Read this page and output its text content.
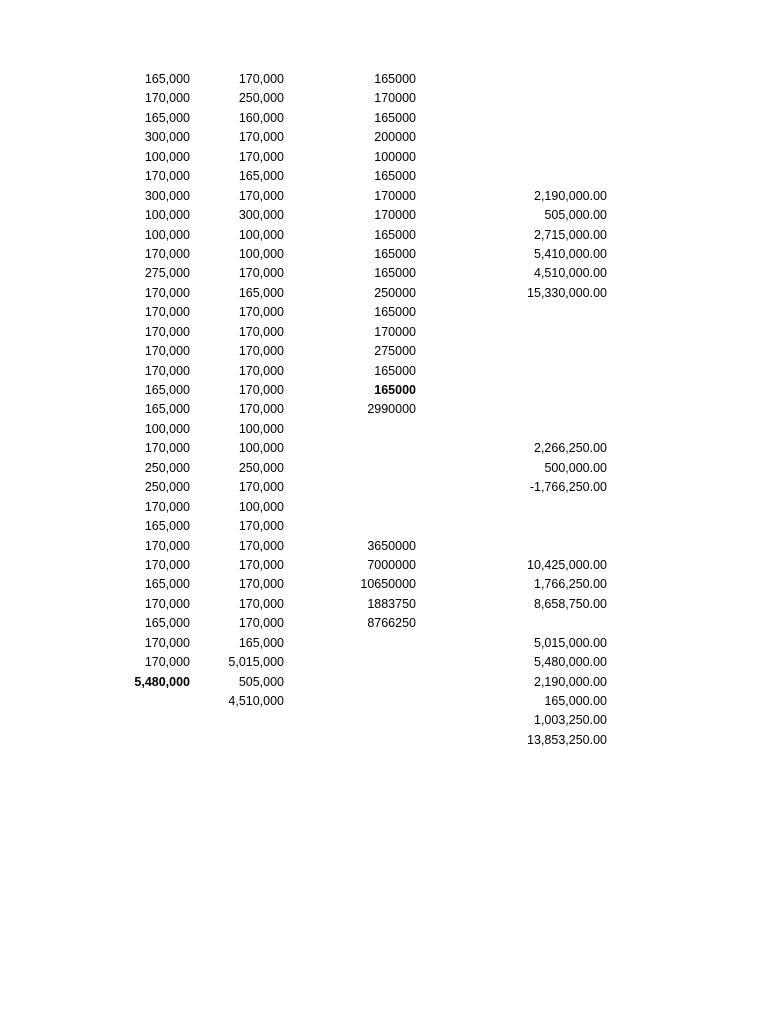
165,000
170,000
165,000
300,000
100,000
170,000
300,000
100,000
100,000
170,000
275,000
170,000
170,000
170,000
170,000
170,000
165,000
165,000
100,000
170,000
250,000
250,000
170,000
165,000
170,000
170,000
165,000
170,000
165,000
170,000
170,000
5,480,000
170,000
250,000
160,000
170,000
170,000
165,000
170,000
300,000
100,000
100,000
170,000
165,000
170,000
170,000
170,000
170,000
170,000
170,000
100,000
100,000
250,000
170,000
100,000
170,000
170,000
170,000
170,000
170,000
170,000
165,000
5,015,000
505,000
4,510,000
165000
170000
165000
200000
100000
165000
170000
170000
165000
165000
165000
250000
165000
170000
275000
165000
165000
2990000
3650000
7000000
10650000
1883750
8766250
2,190,000.00
505,000.00
2,715,000.00
5,410,000.00
4,510,000.00
15,330,000.00
2,266,250.00
500,000.00
-1,766,250.00
10,425,000.00
1,766,250.00
8,658,750.00
5,015,000.00
5,480,000.00
2,190,000.00
165,000.00
1,003,250.00
13,853,250.00
